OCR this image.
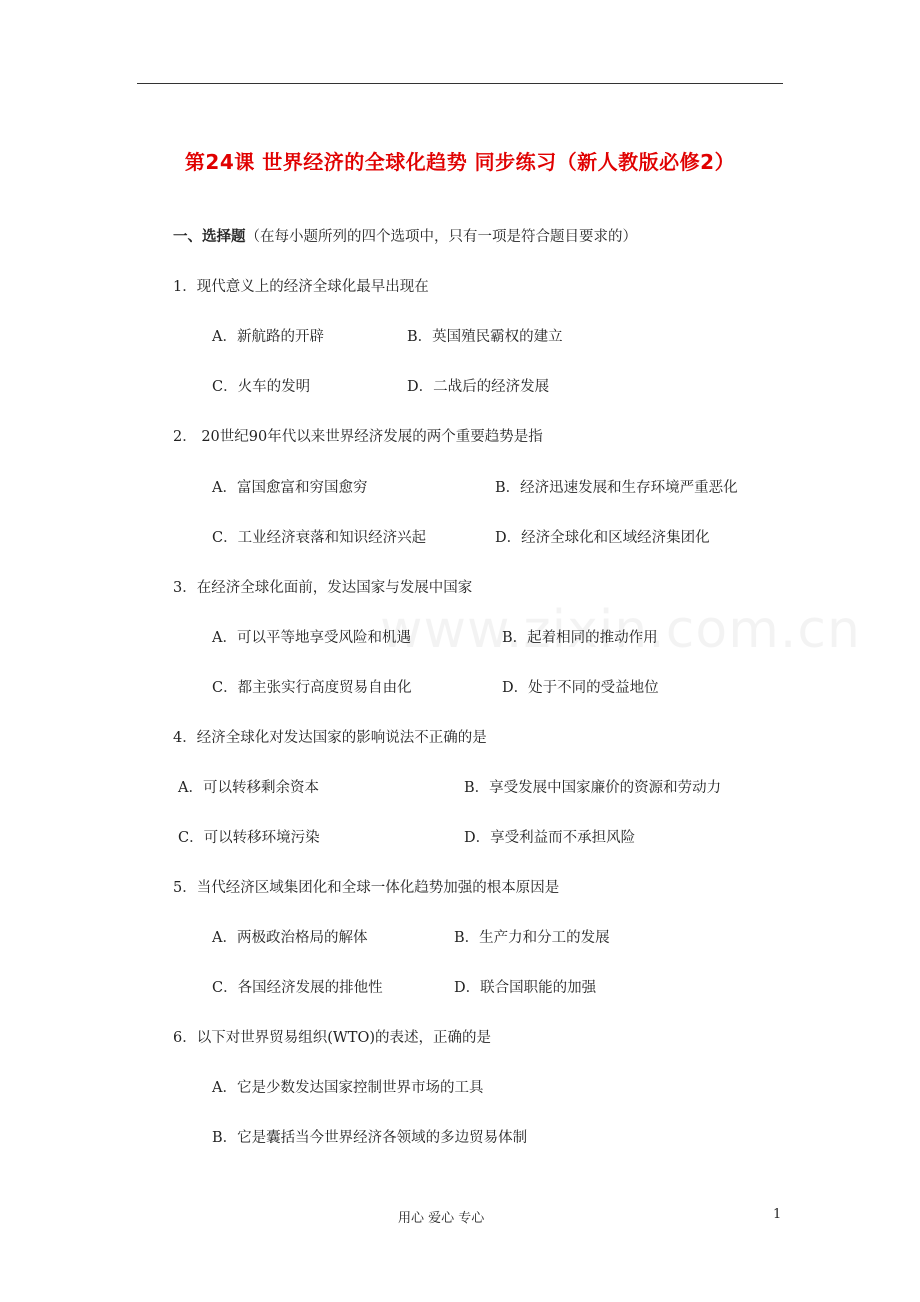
第24课 世界经济的全球化趋势 同步练习（新人教版必修2）
一、选择题（在每小题所列的四个选项中，只有一项是符合题目要求的）
1．现代意义上的经济全球化最早出现在
A．新航路的开辟	B．英国殖民霸权的建立
C．火车的发明	D．二战后的经济发展
2． 20世纪90年代以来世界经济发展的两个重要趋势是指
A．富国愈富和穷国愈穷	B．经济迅速发展和生存环境严重恶化
C．工业经济衰落和知识经济兴起	D．经济全球化和区域经济集团化
3．在经济全球化面前，发达国家与发展中国家
A．可以平等地享受风险和机遇	B．起着相同的推动作用
C．都主张实行高度贸易自由化	D．处于不同的受益地位
4．经济全球化对发达国家的影响说法不正确的是
A．可以转移剩余资本	B．享受发展中国家廉价的资源和劳动力
C．可以转移环境污染	D．享受利益而不承担风险
5．当代经济区域集团化和全球一体化趋势加强的根本原因是
A．两极政治格局的解体	B．生产力和分工的发展
C．各国经济发展的排他性	D．联合国职能的加强
6．以下对世界贸易组织(WTO)的表述，正确的是
A．它是少数发达国家控制世界市场的工具
B．它是囊括当今世界经济各领域的多边贸易体制
用心 爱心 专心	1
